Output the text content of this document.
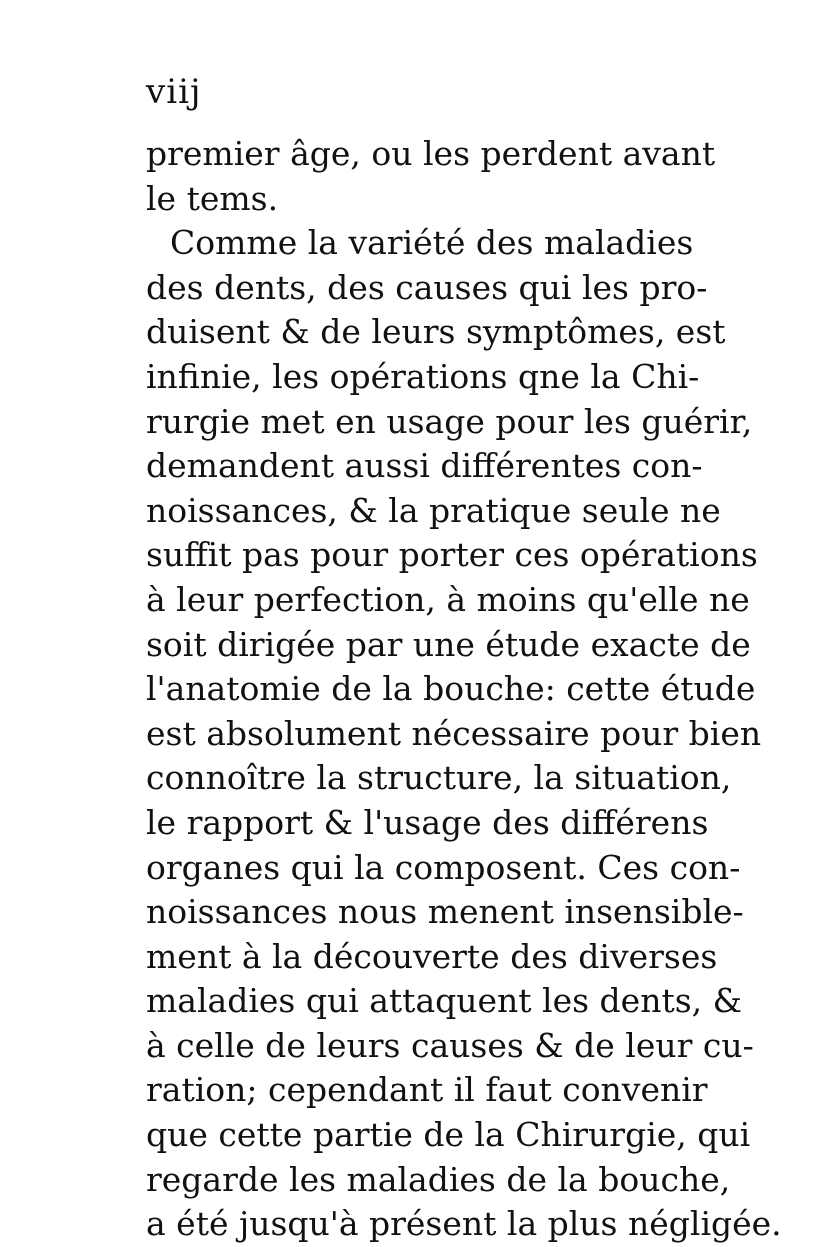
viij
premier âge, ou les perdent avant
le tems.
Comme la variété des maladies
des dents, des causes qui les pro-
duisent & de leurs symptômes, est
infinie, les opérations qne la Chi-
rurgie met en usage pour les guérir,
demandent aussi différentes con-
noissances, & la pratique seule ne
suffit pas pour porter ces opérations
à leur perfection, à moins qu'elle ne
soit dirigée par une étude exacte de
l'anatomie de la bouche: cette étude
est absolument nécessaire pour bien
connoître la structure, la situation,
le rapport & l'usage des différens
organes qui la composent. Ces con-
noissances nous menent insensible-
ment à la découverte des diverses
maladies qui attaquent les dents, &
à celle de leurs causes & de leur cu-
ration; cependant il faut convenir
que cette partie de la Chirurgie, qui
regarde les maladies de la bouche,
a été jusqu'à présent la plus négligée.
